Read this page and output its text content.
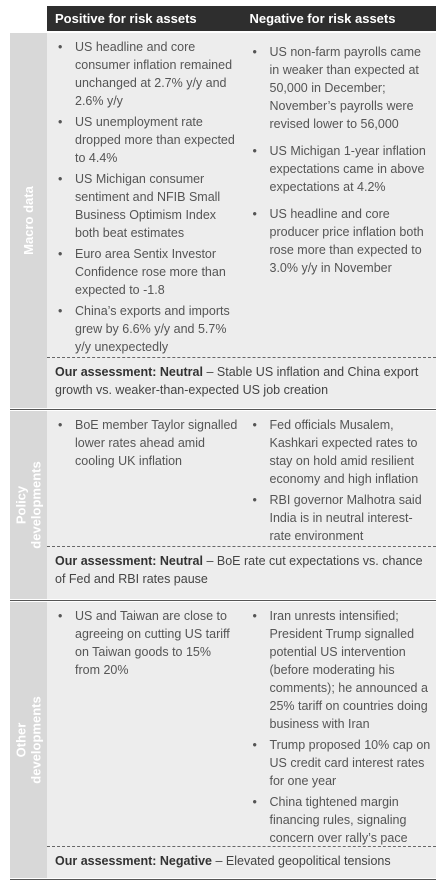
Positive for risk assets	Negative for risk assets
Macro data
• US headline and core consumer inflation remained unchanged at 2.7% y/y and 2.6% y/y
• US unemployment rate dropped more than expected to 4.4%
• US Michigan consumer sentiment and NFIB Small Business Optimism Index both beat estimates
• Euro area Sentix Investor Confidence rose more than expected to -1.8
• China’s exports and imports grew by 6.6% y/y and 5.7% y/y unexpectedly
• US non-farm payrolls came in weaker than expected at 50,000 in December; November’s payrolls were revised lower to 56,000
• US Michigan 1-year inflation expectations came in above expectations at 4.2%
• US headline and core producer price inflation both rose more than expected to 3.0% y/y in November
Our assessment: Neutral – Stable US inflation and China export growth vs. weaker-than-expected US job creation
Policy developments
• BoE member Taylor signalled lower rates ahead amid cooling UK inflation
• Fed officials Musalem, Kashkari expected rates to stay on hold amid resilient economy and high inflation
• RBI governor Malhotra said India is in neutral interest-rate environment
Our assessment: Neutral – BoE rate cut expectations vs. chance of Fed and RBI rates pause
Other developments
• US and Taiwan are close to agreeing on cutting US tariff on Taiwan goods to 15% from 20%
• Iran unrests intensified; President Trump signalled potential US intervention (before moderating his comments); he announced a 25% tariff on countries doing business with Iran
• Trump proposed 10% cap on US credit card interest rates for one year
• China tightened margin financing rules, signaling concern over rally’s pace
Our assessment: Negative – Elevated geopolitical tensions
